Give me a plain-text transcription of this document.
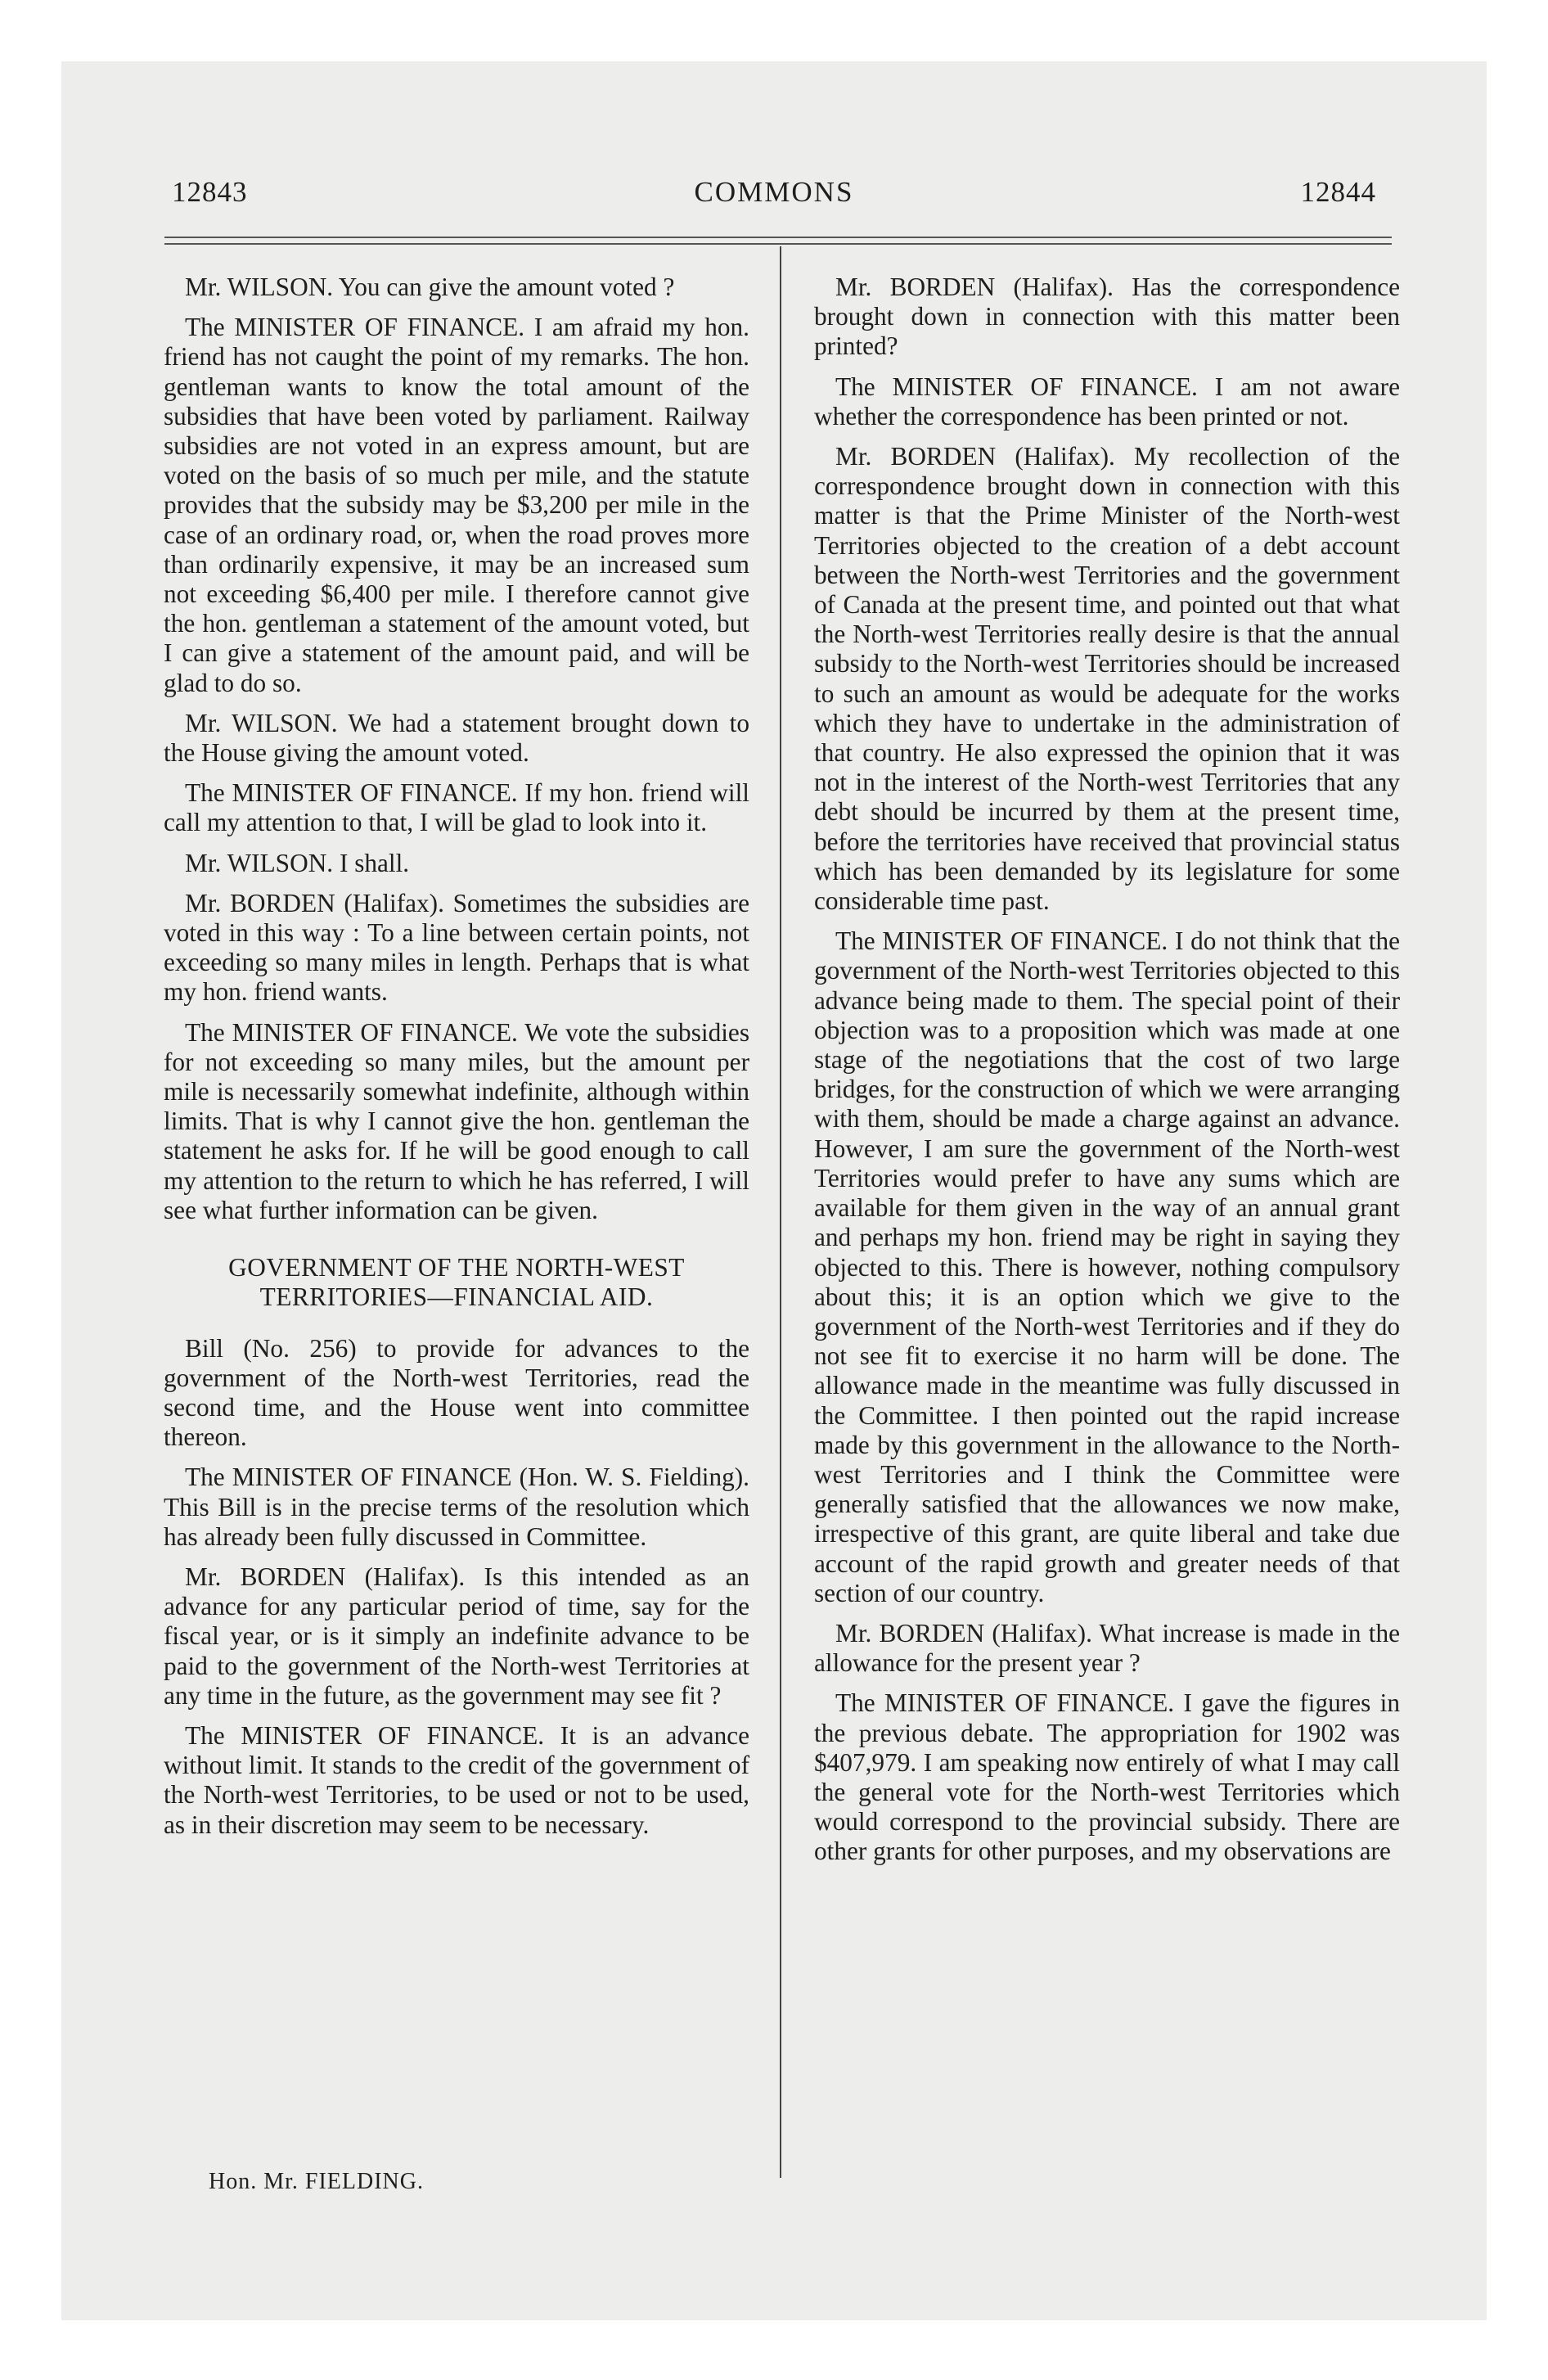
12843	COMMONS	12844

Mr. WILSON. You can give the amount voted ?

The MINISTER OF FINANCE. I am afraid my hon. friend has not caught the point of my remarks. The hon. gentleman wants to know the total amount of the subsidies that have been voted by parliament. Railway subsidies are not voted in an express amount, but are voted on the basis of so much per mile, and the statute provides that the subsidy may be $3,200 per mile in the case of an ordinary road, or, when the road proves more than ordinarily expensive, it may be an increased sum not exceeding $6,400 per mile. I therefore cannot give the hon. gentleman a statement of the amount voted, but I can give a statement of the amount paid, and will be glad to do so.

Mr. WILSON. We had a statement brought down to the House giving the amount voted.

The MINISTER OF FINANCE. If my hon. friend will call my attention to that, I will be glad to look into it.

Mr. WILSON. I shall.

Mr. BORDEN (Halifax). Sometimes the subsidies are voted in this way : To a line between certain points, not exceeding so many miles in length. Perhaps that is what my hon. friend wants.

The MINISTER OF FINANCE. We vote the subsidies for not exceeding so many miles, but the amount per mile is necessarily somewhat indefinite, although within limits. That is why I cannot give the hon. gentleman the statement he asks for. If he will be good enough to call my attention to the return to which he has referred, I will see what further information can be given.

GOVERNMENT OF THE NORTH-WEST TERRITORIES—FINANCIAL AID.

Bill (No. 256) to provide for advances to the government of the North-west Territories, read the second time, and the House went into committee thereon.

The MINISTER OF FINANCE (Hon. W. S. Fielding). This Bill is in the precise terms of the resolution which has already been fully discussed in Committee.

Mr. BORDEN (Halifax). Is this intended as an advance for any particular period of time, say for the fiscal year, or is it simply an indefinite advance to be paid to the government of the North-west Territories at any time in the future, as the government may see fit ?

The MINISTER OF FINANCE. It is an advance without limit. It stands to the credit of the government of the North-west Territories, to be used or not to be used, as in their discretion may seem to be necessary.

Mr. BORDEN (Halifax). Has the correspondence brought down in connection with this matter been printed?

The MINISTER OF FINANCE. I am not aware whether the correspondence has been printed or not.

Mr. BORDEN (Halifax). My recollection of the correspondence brought down in connection with this matter is that the Prime Minister of the North-west Territories objected to the creation of a debt account between the North-west Territories and the government of Canada at the present time, and pointed out that what the North-west Territories really desire is that the annual subsidy to the North-west Territories should be increased to such an amount as would be adequate for the works which they have to undertake in the administration of that country. He also expressed the opinion that it was not in the interest of the North-west Territories that any debt should be incurred by them at the present time, before the territories have received that provincial status which has been demanded by its legislature for some considerable time past.

The MINISTER OF FINANCE. I do not think that the government of the North-west Territories objected to this advance being made to them. The special point of their objection was to a proposition which was made at one stage of the negotiations that the cost of two large bridges, for the construction of which we were arranging with them, should be made a charge against an advance. However, I am sure the government of the North-west Territories would prefer to have any sums which are available for them given in the way of an annual grant and perhaps my hon. friend may be right in saying they objected to this. There is however, nothing compulsory about this; it is an option which we give to the government of the North-west Territories and if they do not see fit to exercise it no harm will be done. The allowance made in the meantime was fully discussed in the Committee. I then pointed out the rapid increase made by this government in the allowance to the North-west Territories and I think the Committee were generally satisfied that the allowances we now make, irrespective of this grant, are quite liberal and take due account of the rapid growth and greater needs of that section of our country.

Mr. BORDEN (Halifax). What increase is made in the allowance for the present year ?

The MINISTER OF FINANCE. I gave the figures in the previous debate. The appropriation for 1902 was $407,979. I am speaking now entirely of what I may call the general vote for the North-west Territories which would correspond to the provincial subsidy. There are other grants for other purposes, and my observations are

Hon. Mr. FIELDING.
